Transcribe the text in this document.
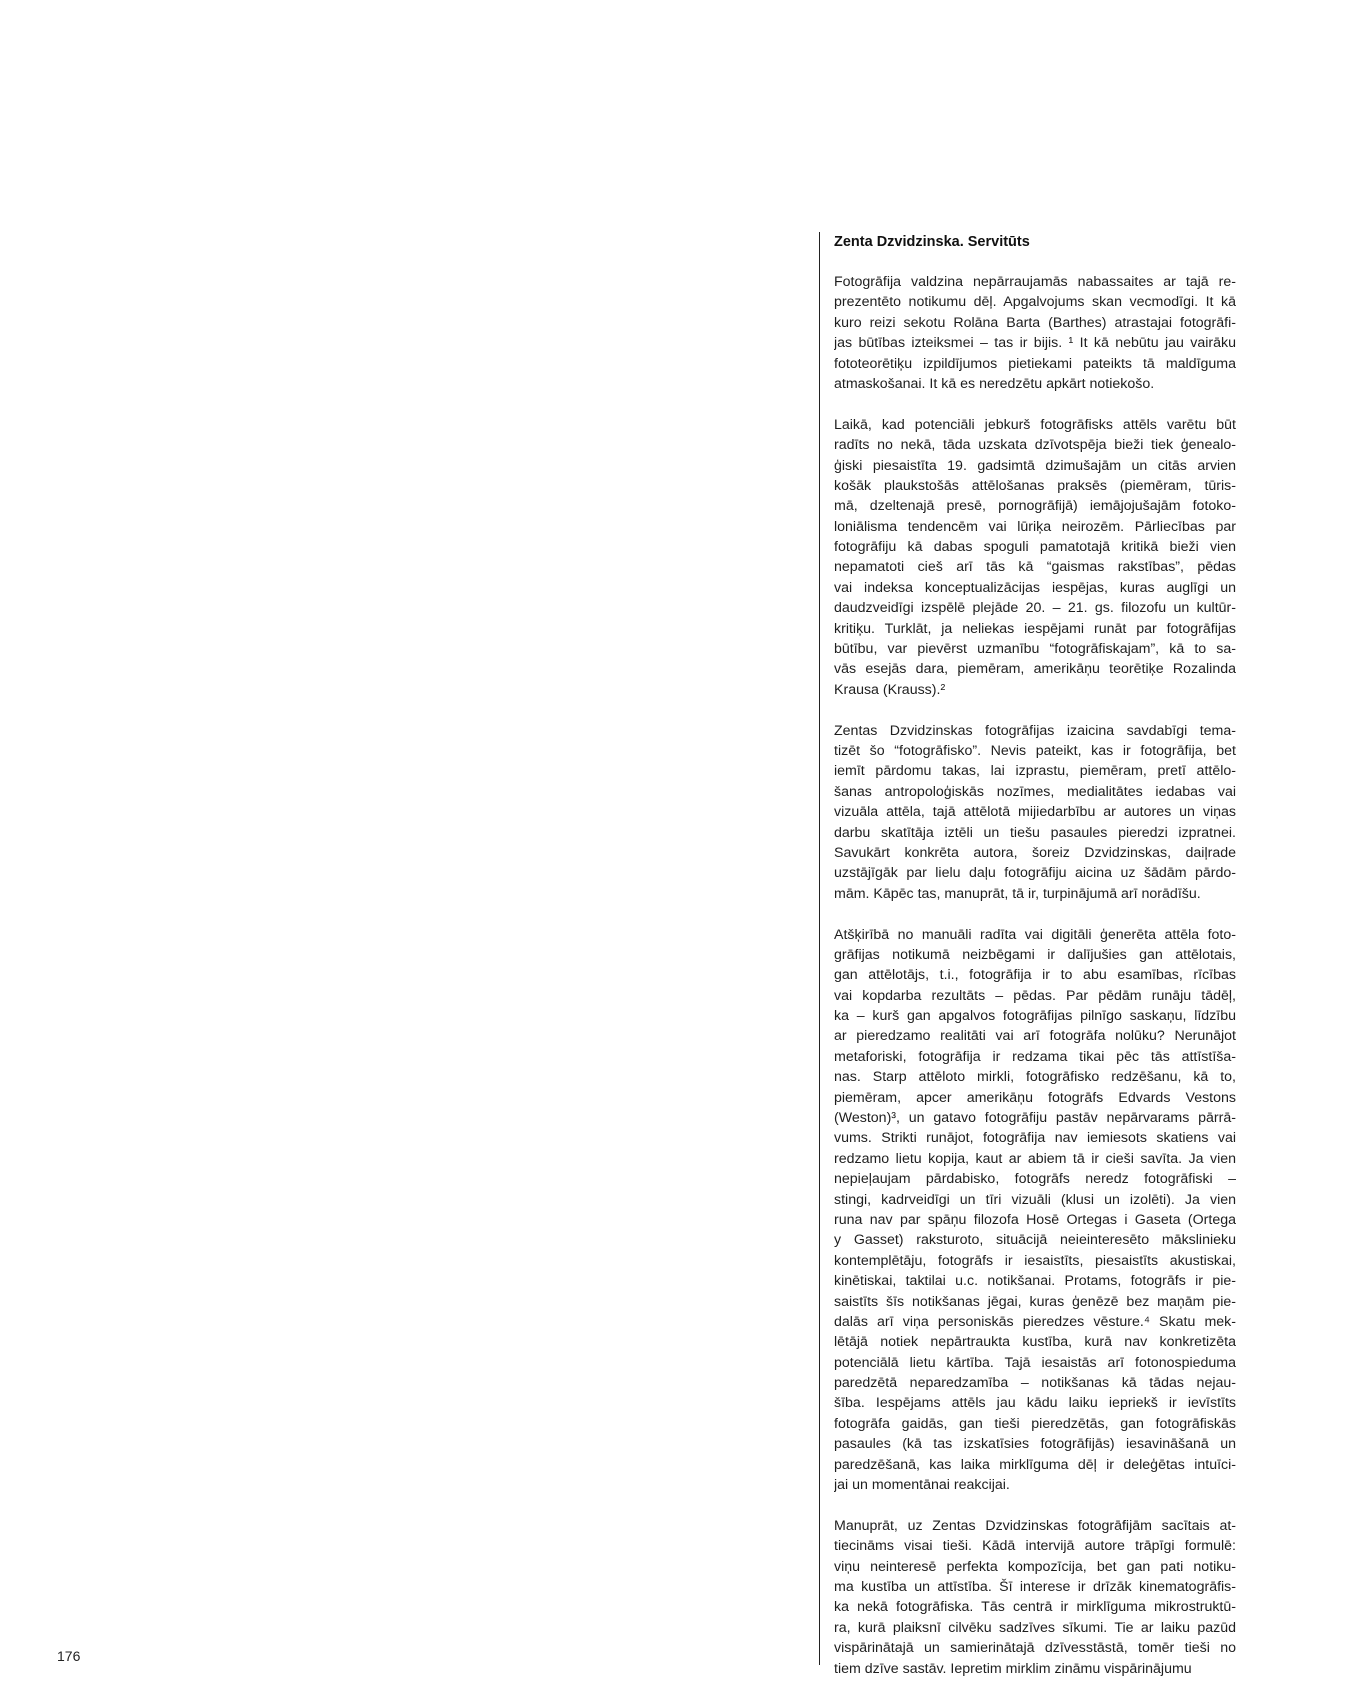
Zenta Dzvidzinska. Servitūts
Fotogrāfija valdzina nepārraujamās nabassaites ar tajā re-
prezentēto notikumu dēļ. Apgalvojums skan vecmodīgi. It kā
kuro reizi sekotu Rolāna Barta (Barthes) atrastajai fotogrāfi-
jas būtības izteiksmei – tas ir bijis. ¹ It kā nebūtu jau vairāku
fototeorētiķu izpildījumos pietiekami pateikts tā maldīguma
atmaskošanai. It kā es neredzētu apkārt notiekošo.
Laikā, kad potenciāli jebkurš fotogrāfisks attēls varētu būt
radīts no nekā, tāda uzskata dzīvotspēja bieži tiek ģenealo-
ģiski piesaistīta 19. gadsimtā dzimušajām un citās arvien
košāk plaukstošās attēlošanas praksēs (piemēram, tūris-
mā, dzeltenajā presē, pornogrāfijā) iemājojušajām fotoko-
loniālisma tendencēm vai lūriķa neirozēm. Pārliecības par
fotogrāfiju kā dabas spoguli pamatotajā kritikā bieži vien
nepamatoti cieš arī tās kā “gaismas rakstības”, pēdas
vai indeksa konceptualizācijas iespējas, kuras auglīgi un
daudzveidīgi izspēlē plejāde 20. – 21. gs. filozofu un kultūr-
kritiķu. Turklāt, ja neliekas iespējami runāt par fotogrāfijas
būtību, var pievērst uzmanību “fotogrāfiskajam”, kā to sa-
vās esejās dara, piemēram, amerikāņu teorētiķe Rozalinda
Krausa (Krauss).²
Zentas Dzvidzinskas fotogrāfijas izaicina savdabīgi tema-
tizēt šo “fotogrāfisko”. Nevis pateikt, kas ir fotogrāfija, bet
iemīt pārdomu takas, lai izprastu, piemēram, pretī attēlo-
šanas antropoloģiskās nozīmes, medialitātes iedabas vai
vizuāla attēla, tajā attēlotā mijiedarbību ar autores un viņas
darbu skatītāja iztēli un tiešu pasaules pieredzi izpratnei.
Savukārt konkrēta autora, šoreiz Dzvidzinskas, daiļrade
uzstājīgāk par lielu daļu fotogrāfiju aicina uz šādām pārdo-
mām. Kāpēc tas, manuprāt, tā ir, turpinājumā arī norādīšu.
Atšķirībā no manuāli radīta vai digitāli ģenerēta attēla foto-
grāfijas notikumā neizbēgami ir dalījušies gan attēlotais,
gan attēlotājs, t.i., fotogrāfija ir to abu esamības, rīcības
vai kopdarba rezultāts – pēdas. Par pēdām runāju tādēļ,
ka – kurš gan apgalvos fotogrāfijas pilnīgo saskaņu, līdzību
ar pieredzamo realitāti vai arī fotogrāfa nolūku? Nerunājot
metaforiski, fotogrāfija ir redzama tikai pēc tās attīstīša-
nas. Starp attēloto mirkli, fotogrāfisko redzēšanu, kā to,
piemēram, apcer amerikāņu fotogrāfs Edvards Vestons
(Weston)³, un gatavo fotogrāfiju pastāv nepārvarams pārrā-
vums. Strikti runājot, fotogrāfija nav iemiesots skatiens vai
redzamo lietu kopija, kaut ar abiem tā ir cieši savīta. Ja vien
nepieļaujam pārdabisko, fotogrāfs neredz fotogrāfiski –
stingi, kadrveidīgi un tīri vizuāli (klusi un izolēti). Ja vien
runa nav par spāņu filozofa Hosē Ortegas i Gaseta (Ortega
y Gasset) raksturoto, situācijā neieinteresēto mākslinieku
kontemplētāju, fotogrāfs ir iesaistīts, piesaistīts akustiskai,
kinētiskai, taktilai u.c. notikšanai. Protams, fotogrāfs ir pie-
saistīts šīs notikšanas jēgai, kuras ģenēzē bez maņām pie-
dalās arī viņa personiskās pieredzes vēsture.⁴ Skatu mek-
lētājā notiek nepārtraukta kustība, kurā nav konkretizēta
potenciālā lietu kārtība. Tajā iesaistās arī fotonospieduma
paredzētā neparedzamība – notikšanas kā tādas nejau-
šība. Iespējams attēls jau kādu laiku iepriekš ir ievīstīts
fotogrāfa gaidās, gan tieši pieredzētās, gan fotogrāfiskās
pasaules (kā tas izskatīsies fotogrāfijās) iesavināšanā un
paredzēšanā, kas laika mirklīguma dēļ ir deleģētas intuīci-
jai un momentānai reakcijai.
Manuprāt, uz Zentas Dzvidzinskas fotogrāfijām sacītais at-
tiecināms visai tieši. Kādā intervijā autore trāpīgi formulē:
viņu neinteresē perfekta kompozīcija, bet gan pati notiku-
ma kustība un attīstība. Šī interese ir drīzāk kinematogrāfis-
ka nekā fotogrāfiska. Tās centrā ir mirklīguma mikrostruktū-
ra, kurā plaiksnī cilvēku sadzīves sīkumi. Tie ar laiku pazūd
vispārinātajā un samierinātajā dzīvesstāstā, tomēr tieši no
tiem dzīve sastāv. Iepretim mirklim zināmu vispārinājumu
176
